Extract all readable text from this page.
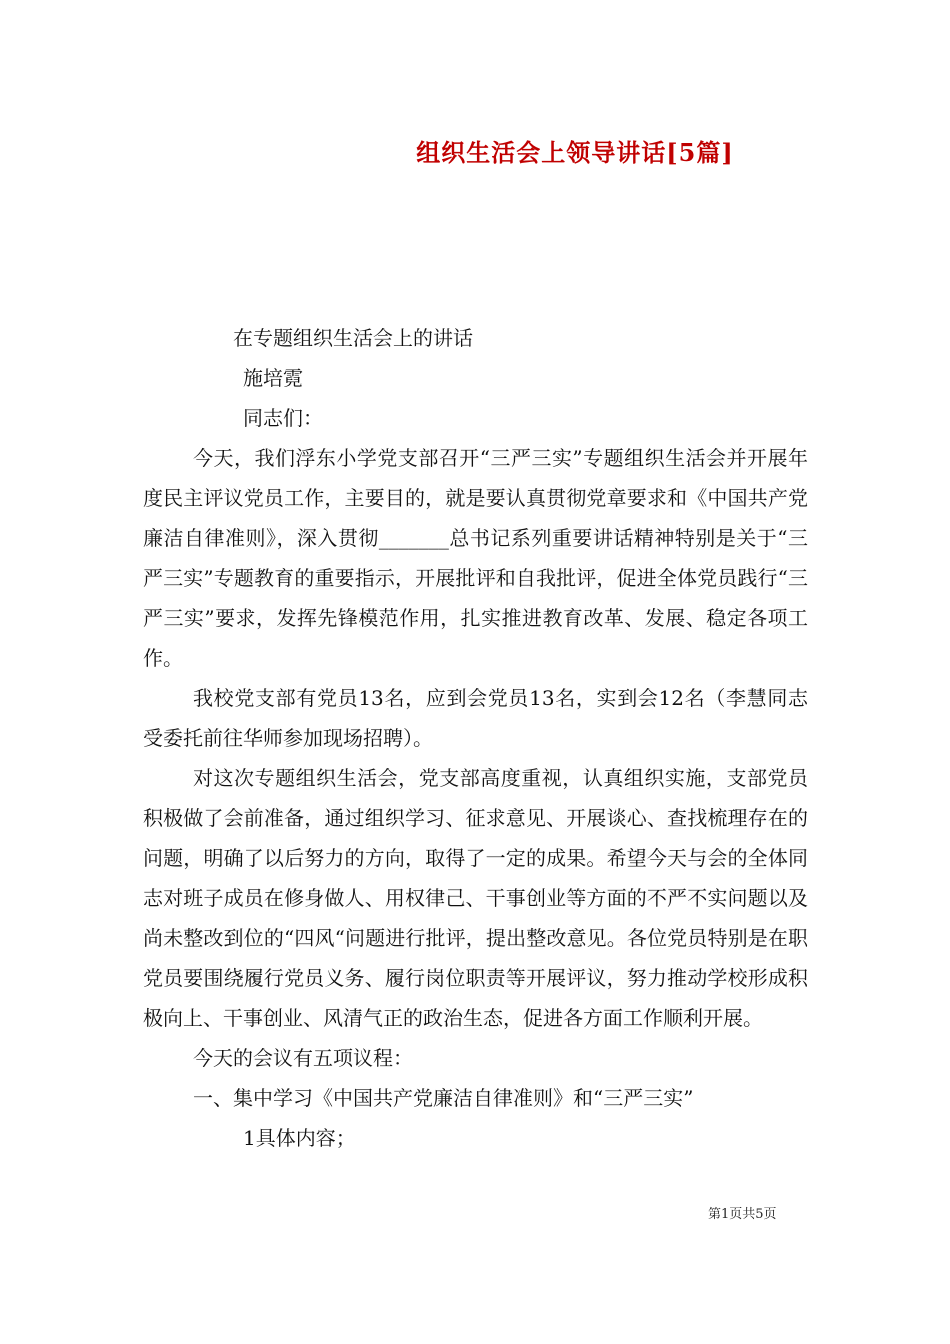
组织生活会上领导讲话[5篇]

在专题组织生活会上的讲话

施培霓

同志们：

今天，我们浮东小学党支部召开“三严三实”专题组织生活会并开展年度民主评议党员工作，主要目的，就是要认真贯彻党章要求和《中国共产党廉洁自律准则》，深入贯彻_______总书记系列重要讲话精神特别是关于“三严三实”专题教育的重要指示，开展批评和自我批评，促进全体党员践行“三严三实”要求，发挥先锋模范作用，扎实推进教育改革、发展、稳定各项工作。

我校党支部有党员13名，应到会党员13名，实到会12名（李慧同志受委托前往华师参加现场招聘）。

对这次专题组织生活会，党支部高度重视，认真组织实施，支部党员积极做了会前准备，通过组织学习、征求意见、开展谈心、查找梳理存在的问题，明确了以后努力的方向，取得了一定的成果。希望今天与会的全体同志对班子成员在修身做人、用权律己、干事创业等方面的不严不实问题以及尚未整改到位的“四风“问题进行批评，提出整改意见。各位党员特别是在职党员要围绕履行党员义务、履行岗位职责等开展评议，努力推动学校形成积极向上、干事创业、风清气正的政治生态，促进各方面工作顺利开展。

今天的会议有五项议程：

一、集中学习《中国共产党廉洁自律准则》和“三严三实”

1具体内容；

第1页共5页
